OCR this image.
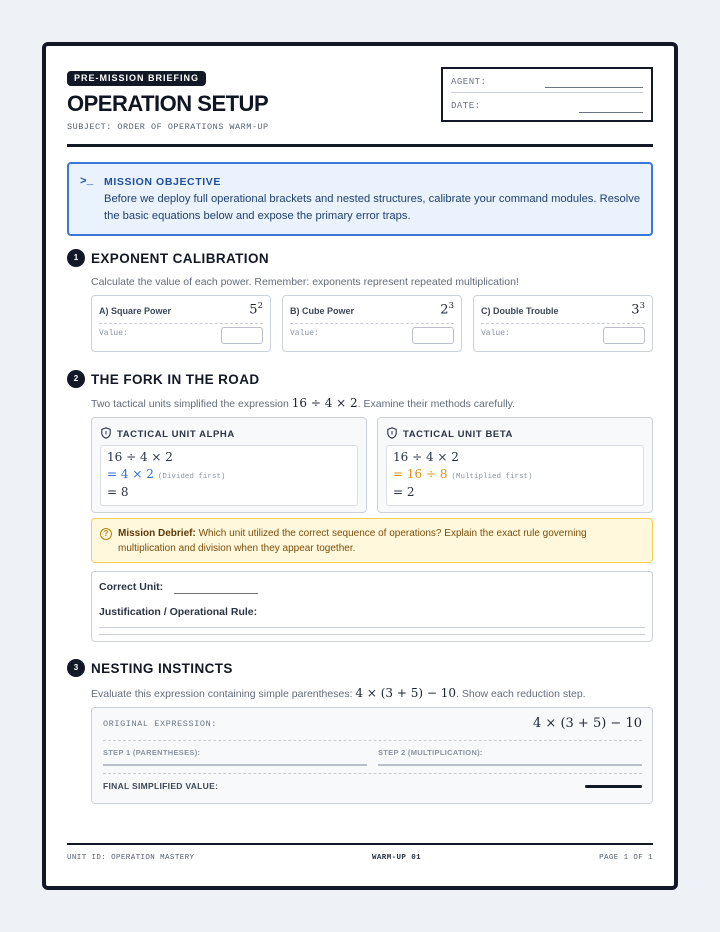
PRE-MISSION BRIEFING
OPERATION SETUP
SUBJECT: ORDER OF OPERATIONS WARM-UP
AGENT:
DATE:
>_ MISSION OBJECTIVE
Before we deploy full operational brackets and nested structures, calibrate your command modules. Resolve the basic equations below and expose the primary error traps.
1 EXPONENT CALIBRATION
Calculate the value of each power. Remember: exponents represent repeated multiplication!
A) Square Power	$5^2$
Value:
B) Cube Power	$2^3$
Value:
C) Double Trouble	$3^3$
Value:
2 THE FORK IN THE ROAD
Two tactical units simplified the expression 16 ÷ 4 × 2. Examine their methods carefully.
TACTICAL UNIT ALPHA
16 ÷ 4 × 2
= 4 × 2 (Divided first)
= 8
TACTICAL UNIT BETA
16 ÷ 4 × 2
= 16 ÷ 8 (Multiplied first)
= 2
? Mission Debrief: Which unit utilized the correct sequence of operations? Explain the exact rule governing multiplication and division when they appear together.
Correct Unit:
Justification / Operational Rule:
3 NESTING INSTINCTS
Evaluate this expression containing simple parentheses: 4 × (3 + 5) − 10. Show each reduction step.
ORIGINAL EXPRESSION:	4 × (3 + 5) − 10
STEP 1 (PARENTHESES):	STEP 2 (MULTIPLICATION):
FINAL SIMPLIFIED VALUE:
UNIT ID: OPERATION MASTERY	WARM-UP 01	PAGE 1 OF 1
